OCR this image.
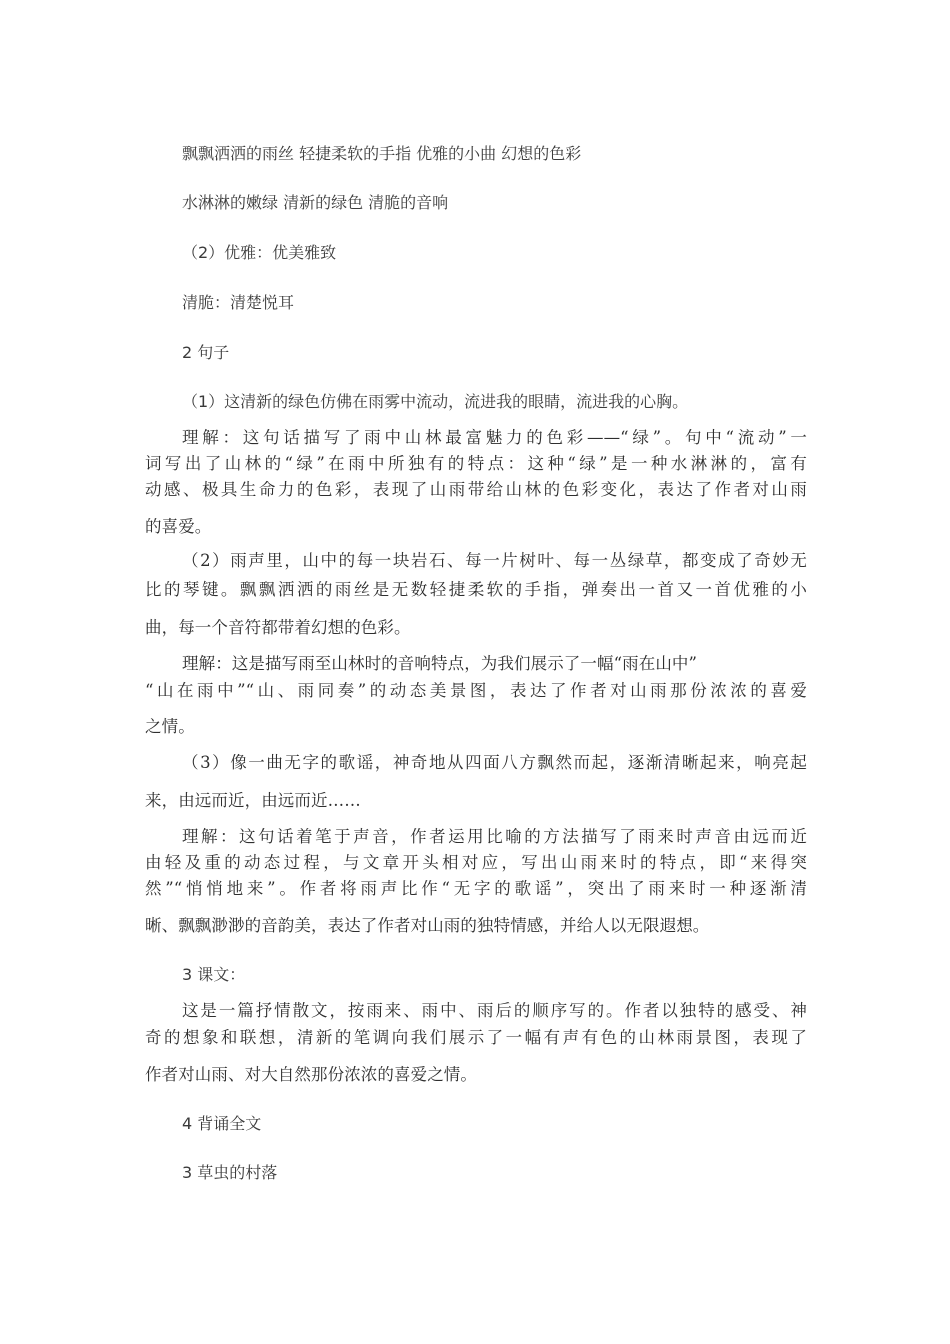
飘飘洒洒的雨丝 轻捷柔软的手指 优雅的小曲 幻想的色彩
水淋淋的嫩绿 清新的绿色 清脆的音响
（2）优雅：优美雅致
清脆：清楚悦耳
2 句子
（1）这清新的绿色仿佛在雨雾中流动，流进我的眼睛，流进我的心胸。
理解：这句话描写了雨中山林最富魅力的色彩——“绿”。句中“流动”一
词写出了山林的“绿”在雨中所独有的特点：这种“绿”是一种水淋淋的，富有
动感、极具生命力的色彩，表现了山雨带给山林的色彩变化，表达了作者对山雨
的喜爱。
（2）雨声里，山中的每一块岩石、每一片树叶、每一丛绿草，都变成了奇妙无
比的琴键。飘飘洒洒的雨丝是无数轻捷柔软的手指，弹奏出一首又一首优雅的小
曲，每一个音符都带着幻想的色彩。
理解：这是描写雨至山林时的音响特点，为我们展示了一幅“雨在山中”
“山在雨中”“山、雨同奏”的动态美景图，表达了作者对山雨那份浓浓的喜爱
之情。
（3）像一曲无字的歌谣，神奇地从四面八方飘然而起，逐渐清晰起来，响亮起
来，由远而近，由远而近……
理解：这句话着笔于声音，作者运用比喻的方法描写了雨来时声音由远而近
由轻及重的动态过程，与文章开头相对应，写出山雨来时的特点，即“来得突
然”“悄悄地来”。作者将雨声比作“无字的歌谣”，突出了雨来时一种逐渐清
晰、飘飘渺渺的音韵美，表达了作者对山雨的独特情感，并给人以无限遐想。
3 课文：
这是一篇抒情散文，按雨来、雨中、雨后的顺序写的。作者以独特的感受、神
奇的想象和联想，清新的笔调向我们展示了一幅有声有色的山林雨景图，表现了
作者对山雨、对大自然那份浓浓的喜爱之情。
4 背诵全文
3 草虫的村落
